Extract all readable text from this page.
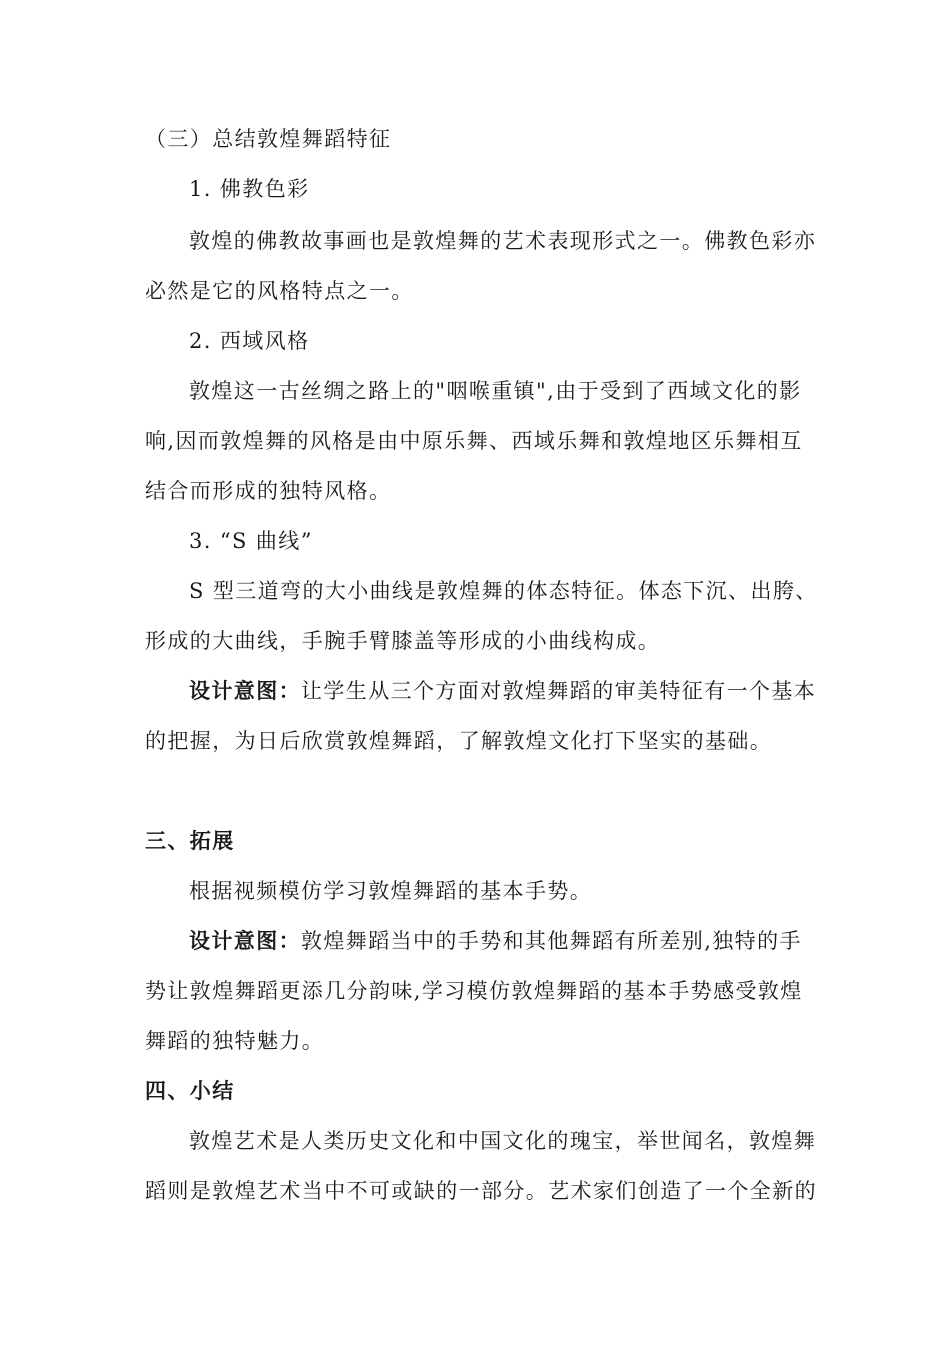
（三）总结敦煌舞蹈特征
1. 佛教色彩
敦煌的佛教故事画也是敦煌舞的艺术表现形式之一。佛教色彩亦
必然是它的风格特点之一。
2. 西域风格
敦煌这一古丝绸之路上的"咽喉重镇",由于受到了西域文化的影
响,因而敦煌舞的风格是由中原乐舞、西域乐舞和敦煌地区乐舞相互
结合而形成的独特风格。
3. “S 曲线”
S 型三道弯的大小曲线是敦煌舞的体态特征。体态下沉、出胯、
形成的大曲线，手腕手臂膝盖等形成的小曲线构成。
设计意图：让学生从三个方面对敦煌舞蹈的审美特征有一个基本
的把握，为日后欣赏敦煌舞蹈，了解敦煌文化打下坚实的基础。
三、拓展
根据视频模仿学习敦煌舞蹈的基本手势。
设计意图：敦煌舞蹈当中的手势和其他舞蹈有所差别,独特的手
势让敦煌舞蹈更添几分韵味,学习模仿敦煌舞蹈的基本手势感受敦煌
舞蹈的独特魅力。
四、小结
敦煌艺术是人类历史文化和中国文化的瑰宝，举世闻名，敦煌舞
蹈则是敦煌艺术当中不可或缺的一部分。艺术家们创造了一个全新的
